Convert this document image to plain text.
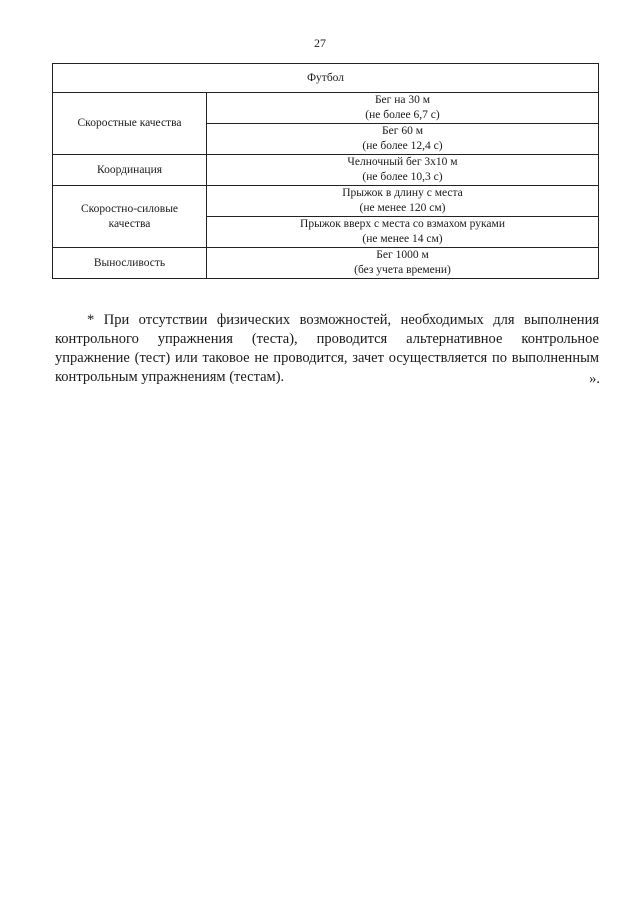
27
Футбол	
Скоростные качества	Бег на 30 м
(не более 6,7 с)

	Бег 60 м
(не более 12,4 с)

Координация	Челночный бег 3x10 м
(не более 10,3 с)

Скоростно-силовые
качества	Прыжок в длину с места
(не менее 120 см)

	Прыжок вверх с места со взмахом руками
(не менее 14 см)

Выносливость	Бег 1000 м
(без учета времени)

* При отсутствии физических возможностей, необходимых для выполнения контрольного упражнения (теста), проводится альтернативное контрольное упражнение (тест) или таковое не проводится, зачет осуществляется по выполненным контрольным упражнениям (тестам).	».
